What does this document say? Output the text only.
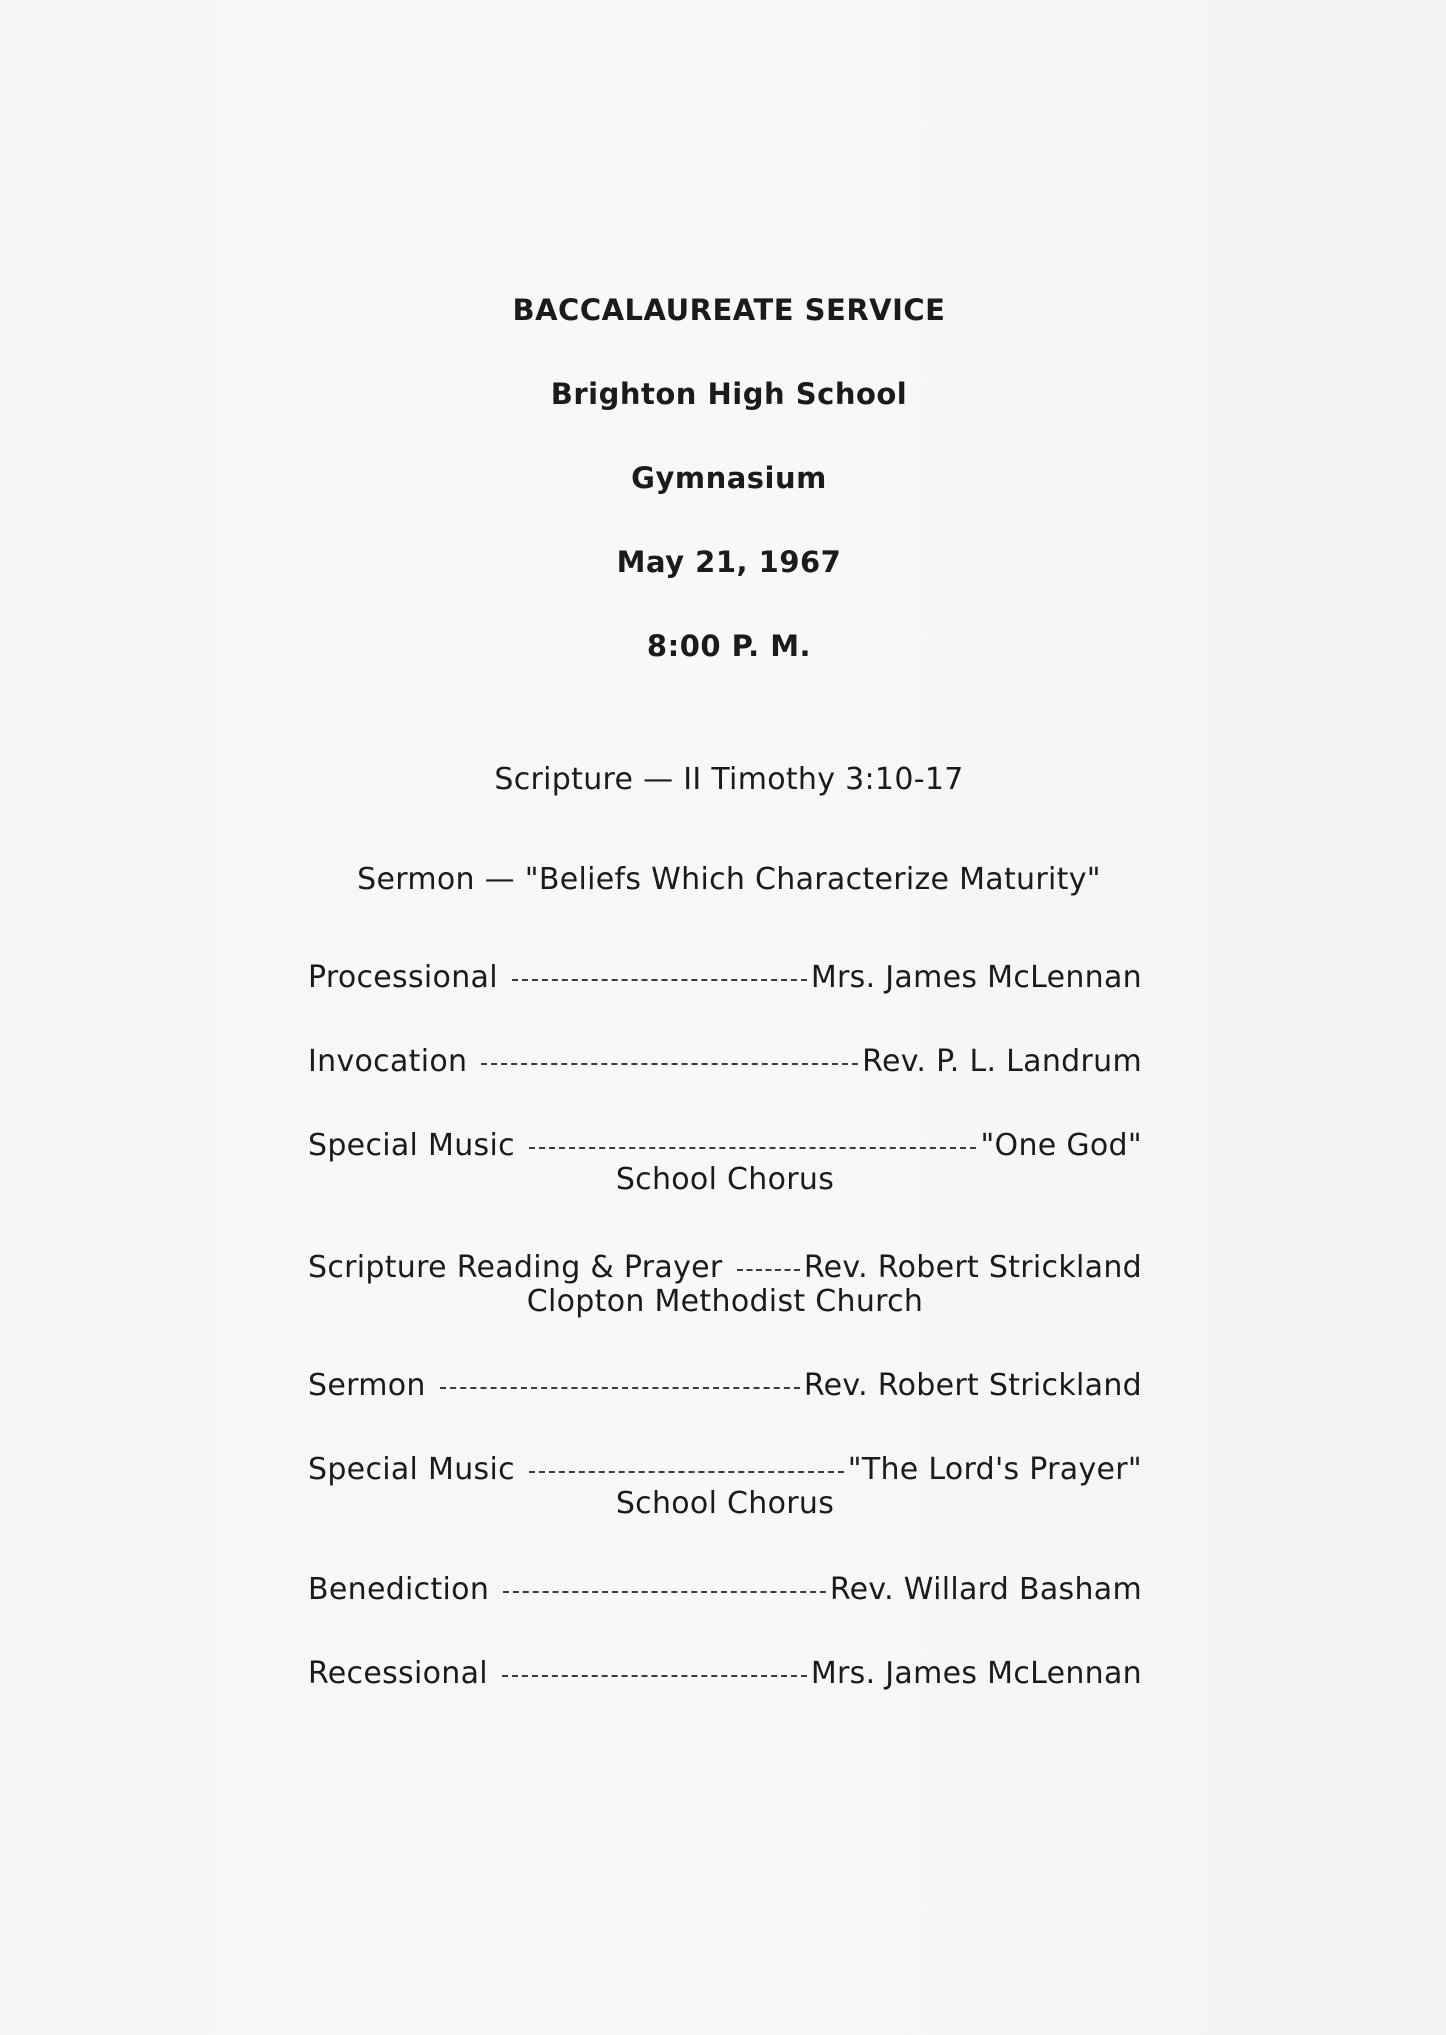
BACCALAUREATE SERVICE
Brighton High School
Gymnasium
May 21, 1967
8:00 P. M.
Scripture — II Timothy 3:10-17
Sermon — "Beliefs Which Characterize Maturity"
Processional	Mrs. James McLennan
Invocation	Rev. P. L. Landrum
Special Music	"One God"
School Chorus
Scripture Reading & Prayer	Rev. Robert Strickland
Clopton Methodist Church
Sermon	Rev. Robert Strickland
Special Music	"The Lord's Prayer"
School Chorus
Benediction	Rev. Willard Basham
Recessional	Mrs. James McLennan
